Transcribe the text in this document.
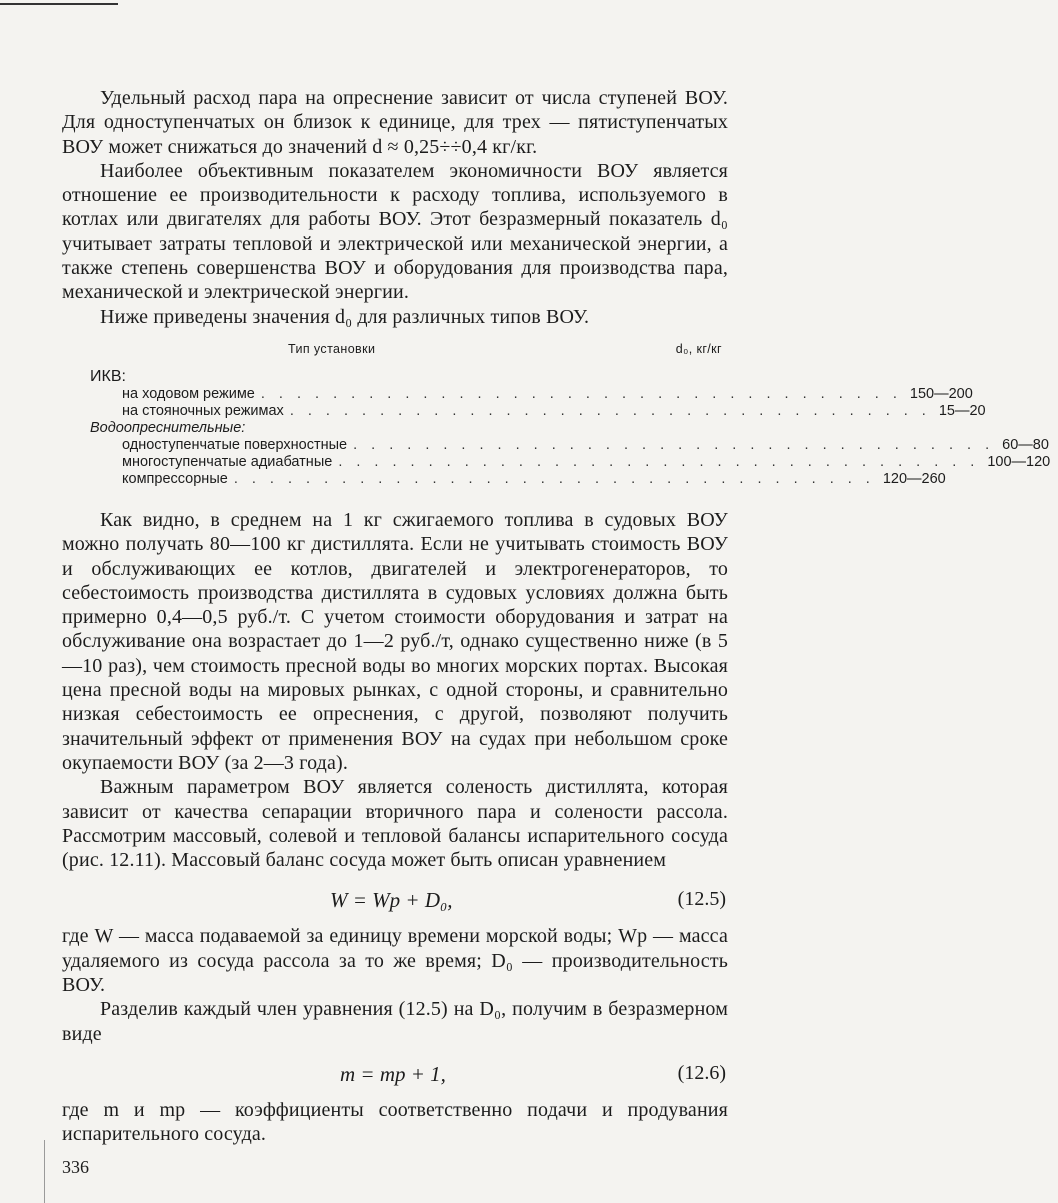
Удельный расход пара на опреснение зависит от числа ступеней ВОУ. Для одноступенчатых он близок к единице, для трех — пятиступенчатых ВОУ может снижаться до значений d ≈ 0,25÷÷0,4 кг/кг.

Наиболее объективным показателем экономичности ВОУ является отношение ее производительности к расходу топлива, используемого в котлах или двигателях для работы ВОУ. Этот безразмерный показатель d₀ учитывает затраты тепловой и электрической или механической энергии, а также степень совершенства ВОУ и оборудования для производства пара, механической и электрической энергии.

Ниже приведены значения d₀ для различных типов ВОУ.

Тип установки	d₀, кг/кг
ИКВ:
на ходовом режиме . . . . . . . . . . . . . . . . . . . . . . . . . . . . . . . . . . . . 150—200
на стояночных режимах . . . . . . . . . . . . . . . . . . . . . . . . . . . . . . . . . . . . 15—20
Водоопреснительные:
одноступенчатые поверхностные . . . . . . . . . . . . . . . . . . . . . . . . . . . . . . . . . . . . 60—80
многоступенчатые адиабатные . . . . . . . . . . . . . . . . . . . . . . . . . . . . . . . . . . . . 100—120
компрессорные . . . . . . . . . . . . . . . . . . . . . . . . . . . . . . . . . . . . 120—260

Как видно, в среднем на 1 кг сжигаемого топлива в судовых ВОУ можно получать 80—100 кг дистиллята. Если не учитывать стоимость ВОУ и обслуживающих ее котлов, двигателей и электрогенераторов, то себестоимость производства дистиллята в судовых условиях должна быть примерно 0,4—0,5 руб./т. С учетом стоимости оборудования и затрат на обслуживание она возрастает до 1—2 руб./т, однако существенно ниже (в 5—10 раз), чем стоимость пресной воды во многих морских портах. Высокая цена пресной воды на мировых рынках, с одной стороны, и сравнительно низкая себестоимость ее опреснения, с другой, позволяют получить значительный эффект от применения ВОУ на судах при небольшом сроке окупаемости ВОУ (за 2—3 года).

Важным параметром ВОУ является соленость дистиллята, которая зависит от качества сепарации вторичного пара и солености рассола. Рассмотрим массовый, солевой и тепловой балансы испарительного сосуда (рис. 12.11). Массовый баланс сосуда может быть описан уравнением

W = Wр + D₀,	(12.5)

где W — масса подаваемой за единицу времени морской воды; Wр — масса удаляемого из сосуда рассола за то же время; D₀ — производительность ВОУ.

Разделив каждый член уравнения (12.5) на D₀, получим в безразмерном виде

m = mр + 1,	(12.6)

где m и mр — коэффициенты соответственно подачи и продувания испарительного сосуда.

336
